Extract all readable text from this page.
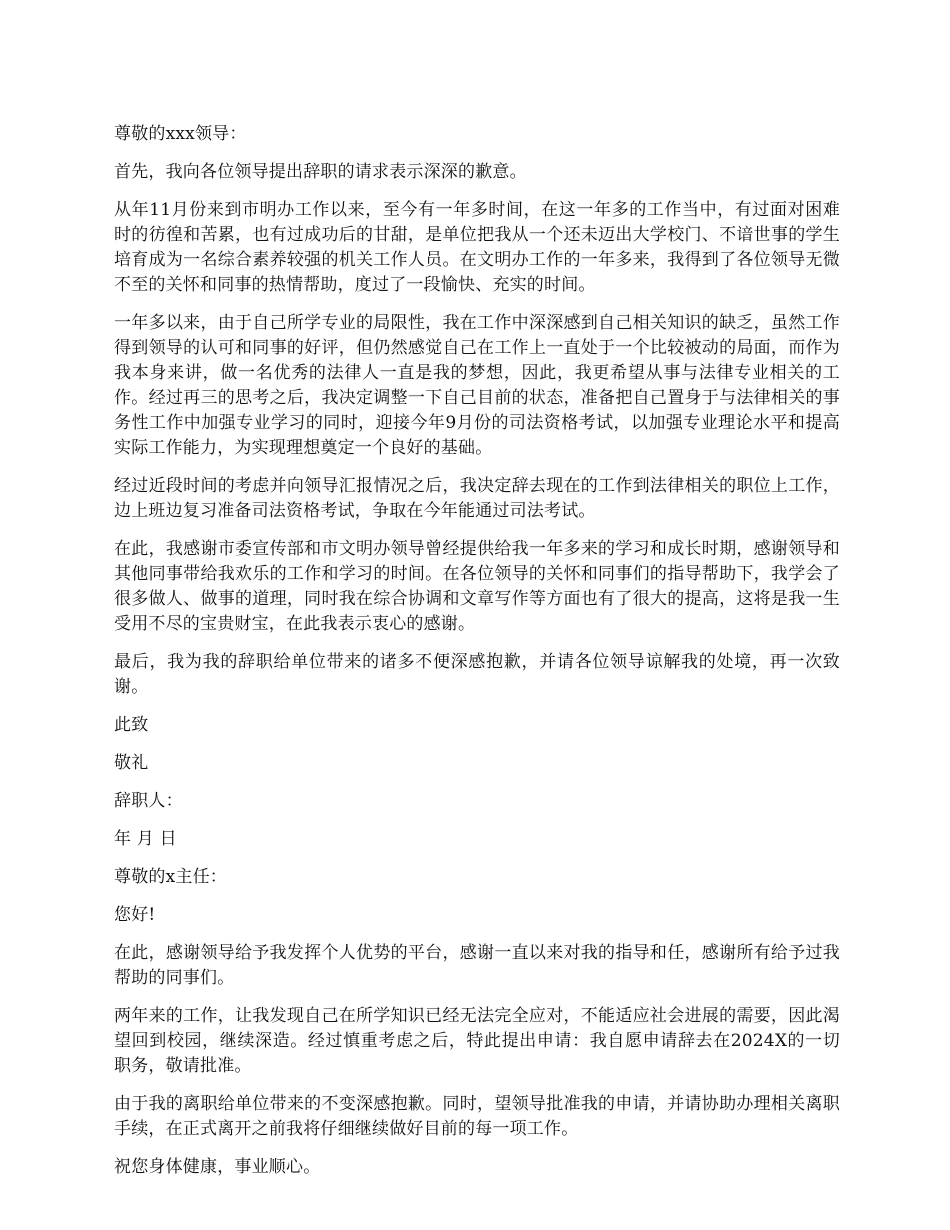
尊敬的xxx领导：

首先，我向各位领导提出辞职的请求表示深深的歉意。

从年11月份来到市明办工作以来，至今有一年多时间，在这一年多的工作当中，有过面对困难时的彷徨和苦累，也有过成功后的甘甜，是单位把我从一个还未迈出大学校门、不谙世事的学生培育成为一名综合素养较强的机关工作人员。在文明办工作的一年多来，我得到了各位领导无微不至的关怀和同事的热情帮助，度过了一段愉快、充实的时间。

一年多以来，由于自己所学专业的局限性，我在工作中深深感到自己相关知识的缺乏，虽然工作得到领导的认可和同事的好评，但仍然感觉自己在工作上一直处于一个比较被动的局面，而作为我本身来讲，做一名优秀的法律人一直是我的梦想，因此，我更希望从事与法律专业相关的工作。经过再三的思考之后，我决定调整一下自己目前的状态，准备把自己置身于与法律相关的事务性工作中加强专业学习的同时，迎接今年9月份的司法资格考试，以加强专业理论水平和提高实际工作能力，为实现理想奠定一个良好的基础。

经过近段时间的考虑并向领导汇报情况之后，我决定辞去现在的工作到法律相关的职位上工作，边上班边复习准备司法资格考试，争取在今年能通过司法考试。

在此，我感谢市委宣传部和市文明办领导曾经提供给我一年多来的学习和成长时期，感谢领导和其他同事带给我欢乐的工作和学习的时间。在各位领导的关怀和同事们的指导帮助下，我学会了很多做人、做事的道理，同时我在综合协调和文章写作等方面也有了很大的提高，这将是我一生受用不尽的宝贵财宝，在此我表示衷心的感谢。

最后，我为我的辞职给单位带来的诸多不便深感抱歉，并请各位领导谅解我的处境，再一次致谢。

此致

敬礼

辞职人：

年 月 日

尊敬的x主任：

您好!

在此，感谢领导给予我发挥个人优势的平台，感谢一直以来对我的指导和任，感谢所有给予过我帮助的同事们。

两年来的工作，让我发现自己在所学知识已经无法完全应对，不能适应社会进展的需要，因此渴望回到校园，继续深造。经过慎重考虑之后，特此提出申请：我自愿申请辞去在2024X的一切职务，敬请批准。

由于我的离职给单位带来的不变深感抱歉。同时，望领导批准我的申请，并请协助办理相关离职手续，在正式离开之前我将仔细继续做好目前的每一项工作。

祝您身体健康，事业顺心。
